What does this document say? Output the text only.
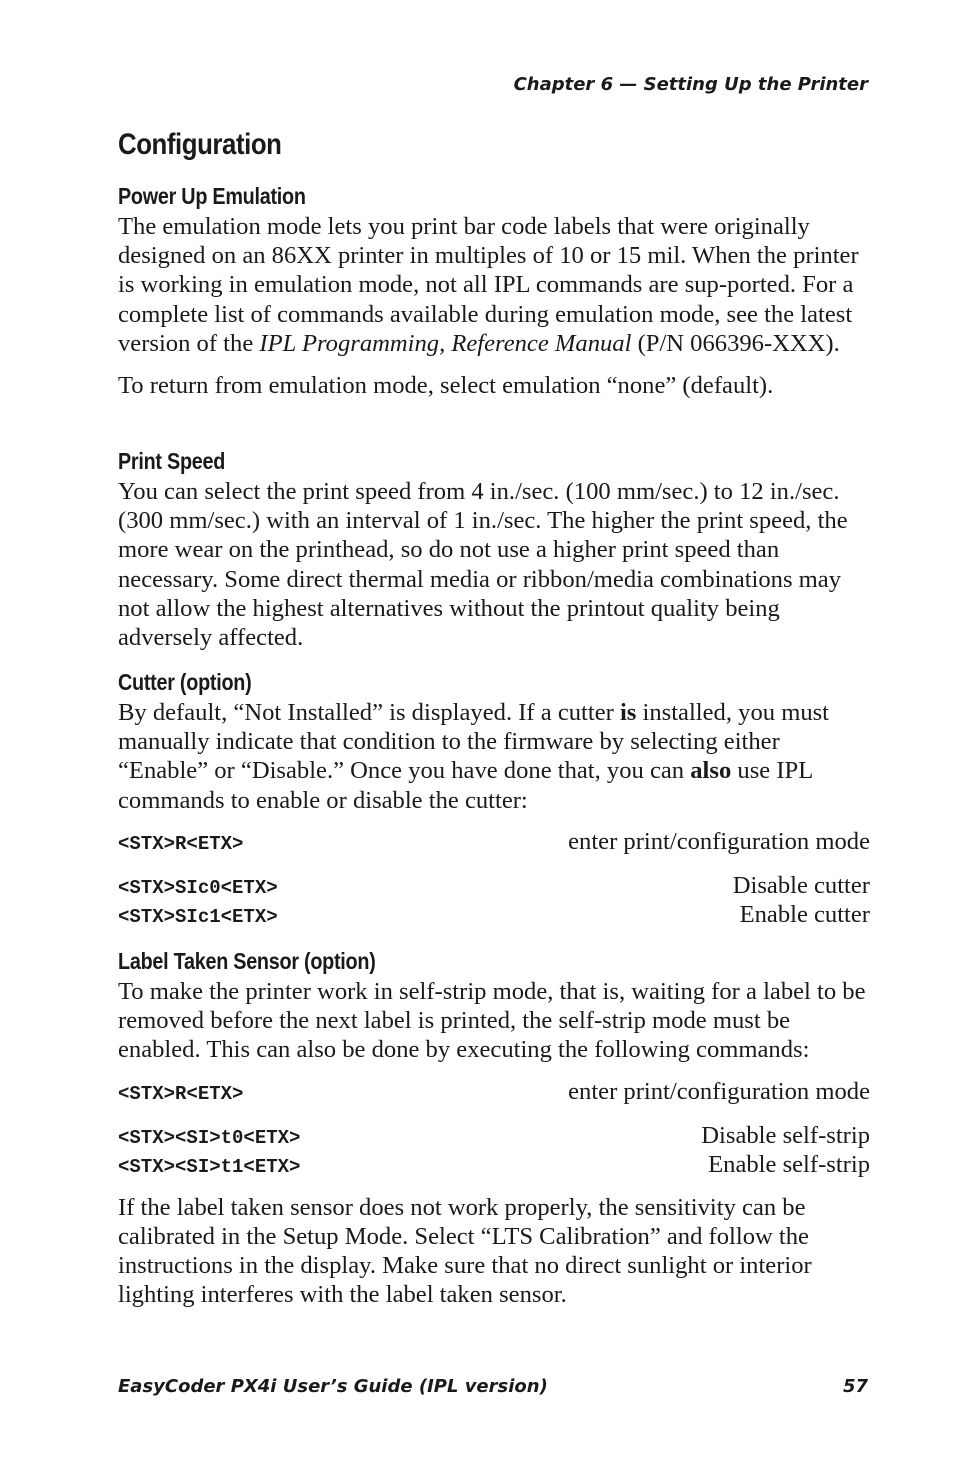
Chapter 6 — Setting Up the Printer
Configuration
Power Up Emulation

The emulation mode lets you print bar code labels that were originally designed on an 86XX printer in multiples of 10 or 15 mil. When the printer is working in emulation mode, not all IPL commands are sup-ported. For a complete list of commands available during emulation mode, see the latest version of the IPL Programming, Reference Manual (P/N 066396-XXX).

To return from emulation mode, select emulation “none” (default).

Print Speed

You can select the print speed from 4 in./sec. (100 mm/sec.) to 12 in./sec. (300 mm/sec.) with an interval of 1 in./sec. The higher the print speed, the more wear on the printhead, so do not use a higher print speed than necessary. Some direct thermal media or ribbon/media combinations may not allow the highest alternatives without the printout quality being adversely affected.

Cutter (option)

By default, “Not Installed” is displayed. If a cutter is installed, you must manually indicate that condition to the firmware by selecting either “Enable” or “Disable.” Once you have done that, you can also use IPL commands to enable or disable the cutter:

<STX>R<ETX>	enter print/configuration mode
<STX>SIc0<ETX>	Disable cutter
<STX>SIc1<ETX>	Enable cutter
Label Taken Sensor (option)

To make the printer work in self-strip mode, that is, waiting for a label to be removed before the next label is printed, the self-strip mode must be enabled. This can also be done by executing the following commands:

<STX>R<ETX>	enter print/configuration mode
<STX><SI>t0<ETX>	Disable self-strip
<STX><SI>t1<ETX>	Enable self-strip

If the label taken sensor does not work properly, the sensitivity can be calibrated in the Setup Mode. Select “LTS Calibration” and follow the instructions in the display. Make sure that no direct sunlight or interior lighting interferes with the label taken sensor.

EasyCoder PX4i User’s Guide (IPL version)	57
